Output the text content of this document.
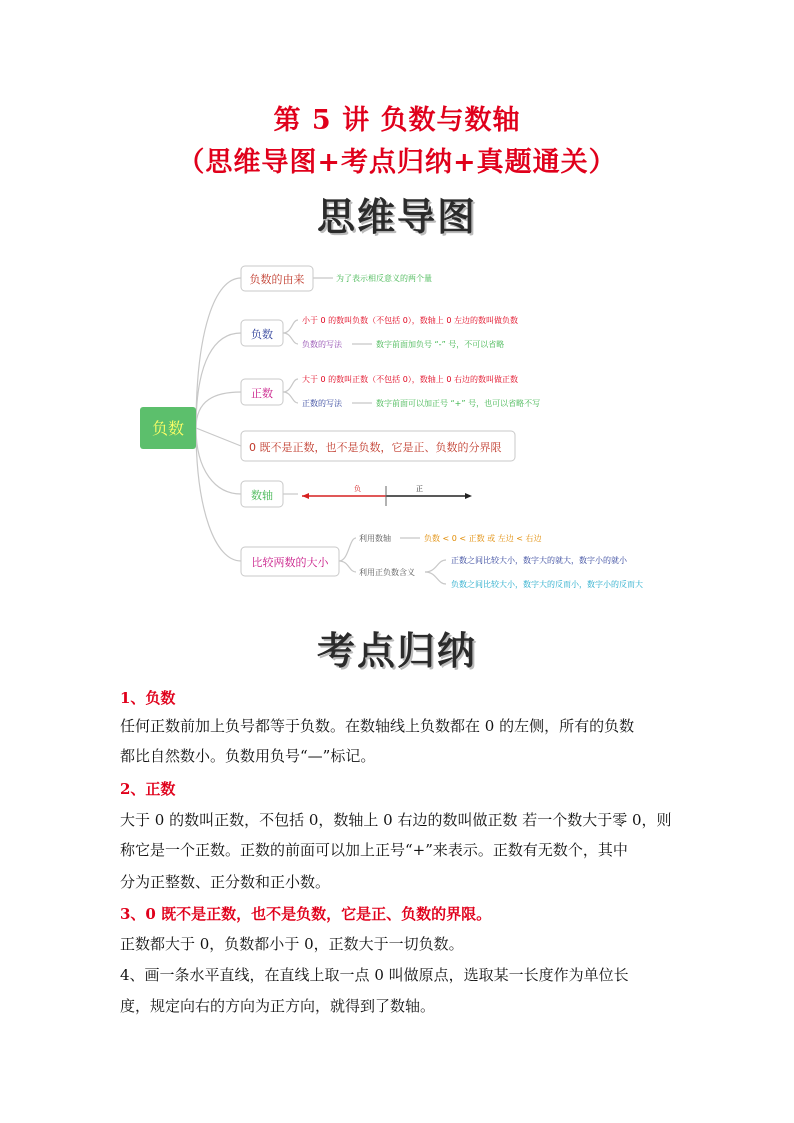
第 5 讲 负数与数轴
（思维导图+考点归纳+真题通关）
思维导图
负数
负数的由来	为了表示相反意义的两个量
负数
小于 0 的数叫负数（不包括 0），数轴上 0 左边的数叫做负数
负数的写法	数字前面加负号 “-” 号，不可以省略
正数
大于 0 的数叫正数（不包括 0），数轴上 0 右边的数叫做正数
正数的写法	数字前面可以加正号 “+” 号，也可以省略不写
0 既不是正数，也不是负数，它是正、负数的分界限
数轴	负	正
比较两数的大小
利用数轴	负数 < 0 < 正数 或 左边 < 右边
利用正负数含义
正数之间比较大小，数字大的就大，数字小的就小
负数之间比较大小，数字大的反而小，数字小的反而大
考点归纳
1、负数
任何正数前加上负号都等于负数。在数轴线上负数都在 0 的左侧，所有的负数
都比自然数小。负数用负号“—”标记。
2、正数
大于 0 的数叫正数，不包括 0，数轴上 0 右边的数叫做正数 若一个数大于零 0，则
称它是一个正数。正数的前面可以加上正号“+”来表示。正数有无数个，其中
分为正整数、正分数和正小数。
3、0 既不是正数，也不是负数，它是正、负数的界限。
正数都大于 0，负数都小于 0，正数大于一切负数。
4、画一条水平直线，在直线上取一点 0 叫做原点，选取某一长度作为单位长
度，规定向右的方向为正方向，就得到了数轴。
